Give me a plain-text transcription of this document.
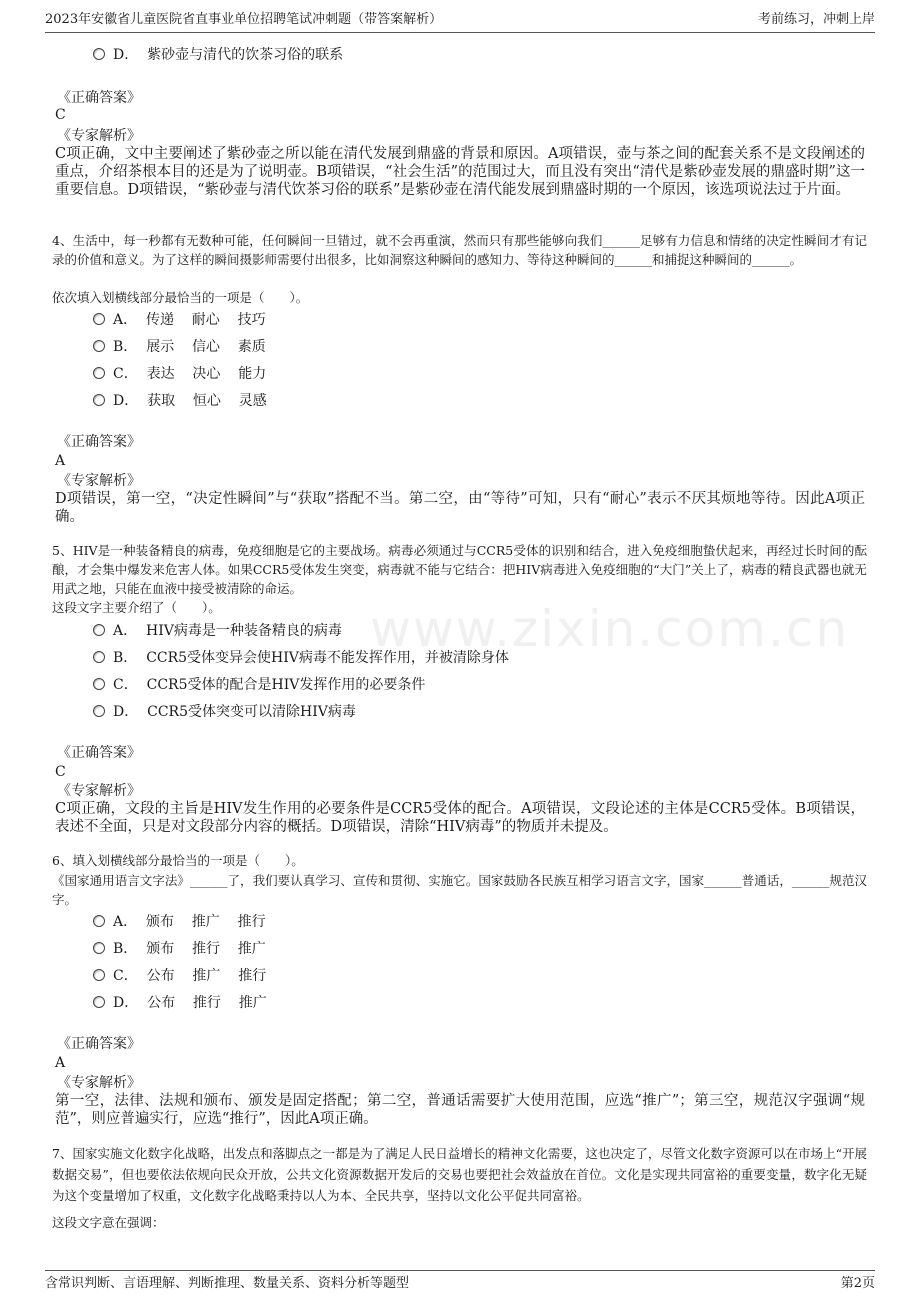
2023年安徽省儿童医院省直事业单位招聘笔试冲刺题（带答案解析）	考前练习，冲刺上岸
www.zixin.com.cn
D．  紫砂壶与清代的饮茶习俗的联系
《正确答案》
C
《专家解析》
C项正确，文中主要阐述了紫砂壶之所以能在清代发展到鼎盛的背景和原因。A项错误，壶与茶之间的配套关系不是文段阐述的重点，介绍茶根本目的还是为了说明壶。B项错误，“社会生活”的范围过大，而且没有突出“清代是紫砂壶发展的鼎盛时期”这一重要信息。D项错误，“紫砂壶与清代饮茶习俗的联系”是紫砂壶在清代能发展到鼎盛时期的一个原因，该选项说法过于片面。
4、生活中，每一秒都有无数种可能，任何瞬间一旦错过，就不会再重演，然而只有那些能够向我们______足够有力信息和情绪的决定性瞬间才有记录的价值和意义。为了这样的瞬间摄影师需要付出很多，比如洞察这种瞬间的感知力、等待这种瞬间的______和捕捉这种瞬间的______。
依次填入划横线部分最恰当的一项是（　　）。
A．  传递    耐心    技巧
B．  展示    信心    素质
C．  表达    决心    能力
D．  获取    恒心    灵感
《正确答案》
A
《专家解析》
D项错误，第一空，“决定性瞬间”与“获取”搭配不当。第二空，由“等待”可知，只有“耐心”表示不厌其烦地等待。因此A项正确。
5、HIV是一种装备精良的病毒，免疫细胞是它的主要战场。病毒必须通过与CCR5受体的识别和结合，进入免疫细胞蛰伏起来，再经过长时间的酝酿，才会集中爆发来危害人体。如果CCR5受体发生突变，病毒就不能与它结合：把HIV病毒进入免疫细胞的“大门”关上了，病毒的精良武器也就无用武之地，只能在血液中接受被清除的命运。
这段文字主要介绍了（　　）。
A．  HIV病毒是一种装备精良的病毒
B．  CCR5受体变异会使HIV病毒不能发挥作用，并被清除身体
C．  CCR5受体的配合是HIV发挥作用的必要条件
D．  CCR5受体突变可以清除HIV病毒
《正确答案》
C
《专家解析》
C项正确，文段的主旨是HIV发生作用的必要条件是CCR5受体的配合。A项错误，文段论述的主体是CCR5受体。B项错误，表述不全面，只是对文段部分内容的概括。D项错误，清除“HIV病毒”的物质并未提及。
6、填入划横线部分最恰当的一项是（　　）。
《国家通用语言文字法》______了，我们要认真学习、宣传和贯彻、实施它。国家鼓励各民族互相学习语言文字，国家______普通话，______规范汉字。
A．  颁布    推广    推行
B．  颁布    推行    推广
C．  公布    推广    推行
D．  公布    推行    推广
《正确答案》
A
《专家解析》
第一空，法律、法规和颁布、颁发是固定搭配；第二空，普通话需要扩大使用范围，应选“推广”；第三空，规范汉字强调“规范”，则应普遍实行，应选“推行”，因此A项正确。
7、国家实施文化数字化战略，出发点和落脚点之一都是为了满足人民日益增长的精神文化需要，这也决定了，尽管文化数字资源可以在市场上“开展数据交易”，但也要依法依规向民众开放，公共文化资源数据开发后的交易也要把社会效益放在首位。文化是实现共同富裕的重要变量，数字化无疑为这个变量增加了权重，文化数字化战略秉持以人为本、全民共享，坚持以文化公平促共同富裕。
这段文字意在强调：
含常识判断、言语理解、判断推理、数量关系、资料分析等题型	第2页
